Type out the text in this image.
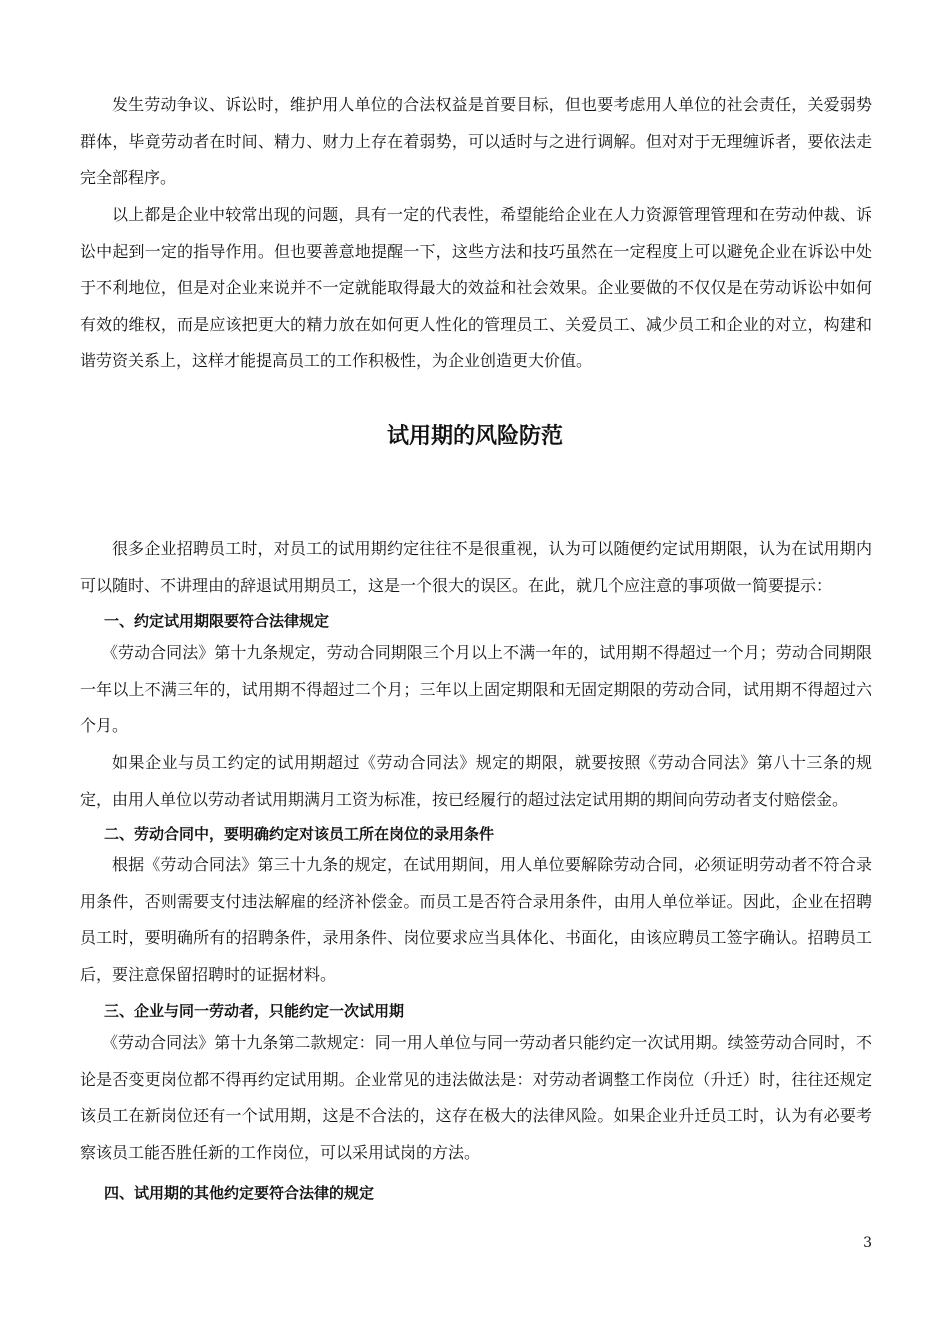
发生劳动争议、诉讼时，维护用人单位的合法权益是首要目标，但也要考虑用人单位的社会责任，关爱弱势群体，毕竟劳动者在时间、精力、财力上存在着弱势，可以适时与之进行调解。但对对于无理缠诉者，要依法走完全部程序。

以上都是企业中较常出现的问题，具有一定的代表性，希望能给企业在人力资源管理管理和在劳动仲裁、诉讼中起到一定的指导作用。但也要善意地提醒一下，这些方法和技巧虽然在一定程度上可以避免企业在诉讼中处于不利地位，但是对企业来说并不一定就能取得最大的效益和社会效果。企业要做的不仅仅是在劳动诉讼中如何有效的维权，而是应该把更大的精力放在如何更人性化的管理员工、关爱员工、减少员工和企业的对立，构建和谐劳资关系上，这样才能提高员工的工作积极性，为企业创造更大价值。

试用期的风险防范

很多企业招聘员工时，对员工的试用期约定往往不是很重视，认为可以随便约定试用期限，认为在试用期内可以随时、不讲理由的辞退试用期员工，这是一个很大的误区。在此，就几个应注意的事项做一简要提示：

一、约定试用期限要符合法律规定

《劳动合同法》第十九条规定，劳动合同期限三个月以上不满一年的，试用期不得超过一个月；劳动合同期限一年以上不满三年的，试用期不得超过二个月；三年以上固定期限和无固定期限的劳动合同，试用期不得超过六个月。

如果企业与员工约定的试用期超过《劳动合同法》规定的期限，就要按照《劳动合同法》第八十三条的规定，由用人单位以劳动者试用期满月工资为标准，按已经履行的超过法定试用期的期间向劳动者支付赔偿金。

二、劳动合同中，要明确约定对该员工所在岗位的录用条件

根据《劳动合同法》第三十九条的规定，在试用期间，用人单位要解除劳动合同，必须证明劳动者不符合录用条件，否则需要支付违法解雇的经济补偿金。而员工是否符合录用条件，由用人单位举证。因此，企业在招聘员工时，要明确所有的招聘条件，录用条件、岗位要求应当具体化、书面化，由该应聘员工签字确认。招聘员工后，要注意保留招聘时的证据材料。

三、企业与同一劳动者，只能约定一次试用期

《劳动合同法》第十九条第二款规定：同一用人单位与同一劳动者只能约定一次试用期。续签劳动合同时，不论是否变更岗位都不得再约定试用期。企业常见的违法做法是：对劳动者调整工作岗位（升迁）时，往往还规定该员工在新岗位还有一个试用期，这是不合法的，这存在极大的法律风险。如果企业升迁员工时，认为有必要考察该员工能否胜任新的工作岗位，可以采用试岗的方法。

四、试用期的其他约定要符合法律的规定
3
